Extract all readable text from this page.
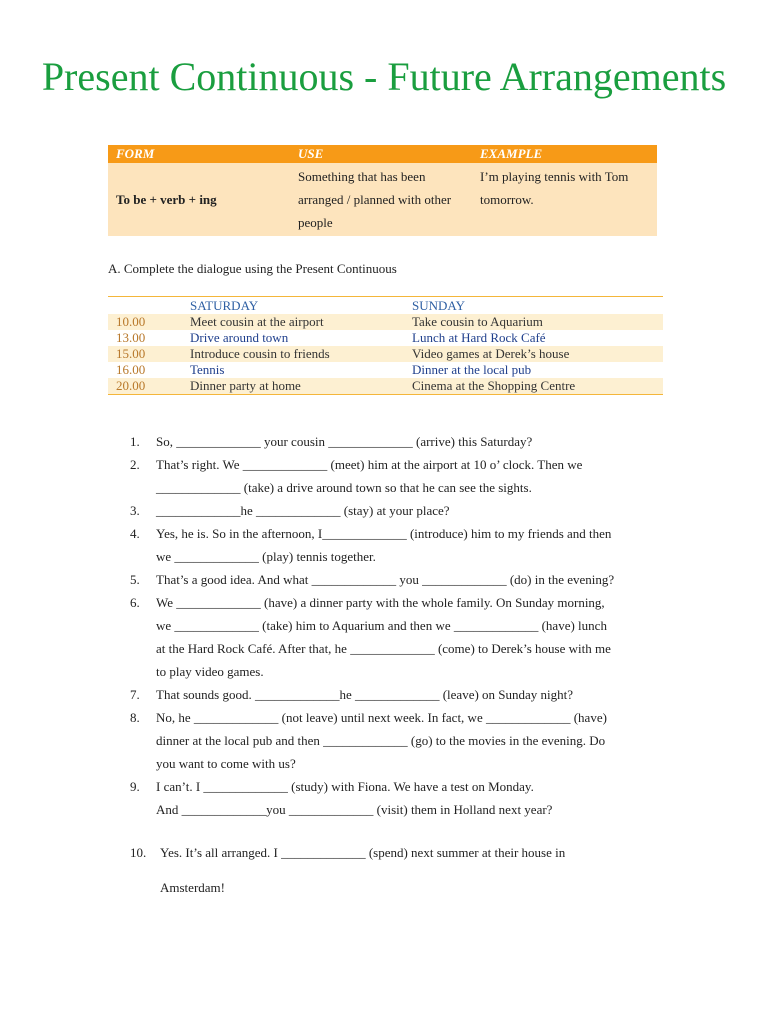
Present Continuous - Future Arrangements
FORM	USE	EXAMPLE
To be + verb + ing	Something that has been arranged / planned with other people	I’m playing tennis with Tom tomorrow.
A. Complete the dialogue using the Present Continuous
	SATURDAY	SUNDAY
10.00	Meet cousin at the airport	Take cousin to Aquarium
13.00	Drive around town	Lunch at Hard Rock Café
15.00	Introduce cousin to friends	Video games at Derek’s house
16.00	Tennis	Dinner at the local pub
20.00	Dinner party at home	Cinema at the Shopping Centre
1.	So, _____________ your cousin _____________ (arrive) this Saturday?
2.	That’s right. We _____________ (meet) him at the airport at 10 o’ clock. Then we
_____________ (take) a drive around town so that he can see the sights.
3.	_____________he _____________ (stay) at your place?
4.	Yes, he is. So in the afternoon, I_____________ (introduce) him to my friends and then
we _____________ (play) tennis together.
5.	That’s a good idea. And what _____________ you _____________ (do) in the evening?
6.	We _____________ (have) a dinner party with the whole family. On Sunday morning,
we _____________ (take) him to Aquarium and then we _____________ (have) lunch
at the Hard Rock Café. After that, he _____________ (come) to Derek’s house with me
to play video games.
7.	That sounds good. _____________he _____________ (leave) on Sunday night?
8.	No, he _____________ (not leave) until next week. In fact, we _____________ (have)
dinner at the local pub and then _____________ (go) to the movies in the evening. Do
you want to come with us?
9.	I can’t. I _____________ (study) with Fiona. We have a test on Monday.
And _____________you _____________ (visit) them in Holland next year?
10.	Yes. It’s all arranged. I _____________ (spend) next summer at their house in
Amsterdam!
